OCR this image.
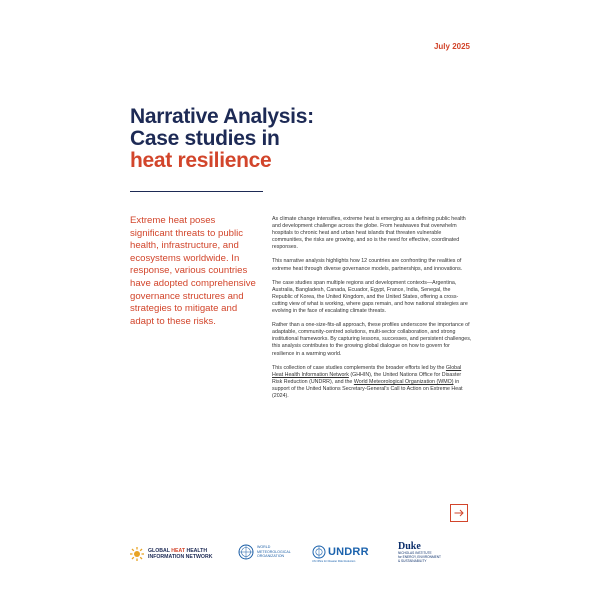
July 2025
Narrative Analysis:
Case studies in
heat resilience
Extreme heat poses significant threats to public health, infrastructure, and ecosystems worldwide. In response, various countries have adopted comprehensive governance structures and strategies to mitigate and adapt to these risks.

As climate change intensifies, extreme heat is emerging as a defining public health and development challenge across the globe. From heatwaves that overwhelm hospitals to chronic heat and urban heat islands that threaten vulnerable communities, the risks are growing, and so is the need for effective, coordinated responses.

This narrative analysis highlights how 12 countries are confronting the realities of extreme heat through diverse governance models, partnerships, and innovations.

The case studies span multiple regions and development contexts—Argentina, Australia, Bangladesh, Canada, Ecuador, Egypt, France, India, Senegal, the Republic of Korea, the United Kingdom, and the United States, offering a cross-cutting view of what is working, where gaps remain, and how national strategies are evolving in the face of escalating climate threats.

Rather than a one-size-fits-all approach, these profiles underscore the importance of adaptable, community-centred solutions, multi-sector collaboration, and strong institutional frameworks. By capturing lessons, successes, and persistent challenges, this analysis contributes to the growing global dialogue on how to govern for resilience in a warming world.

This collection of case studies complements the broader efforts led by the Global Heat Health Information Network (GHHIN), the United Nations Office for Disaster Risk Reduction (UNDRR), and the World Meteorological Organization (WMO) in support of the United Nations Secretary-General's Call to Action on Extreme Heat (2024).

GLOBAL HEAT HEALTH
INFORMATION NETWORK
WORLD
METEOROLOGICAL
ORGANIZATION	UNDRR
UN Office for Disaster Risk Reduction
Duke
NICHOLAS INSTITUTE
for ENERGY, ENVIRONMENT
& SUSTAINABILITY
